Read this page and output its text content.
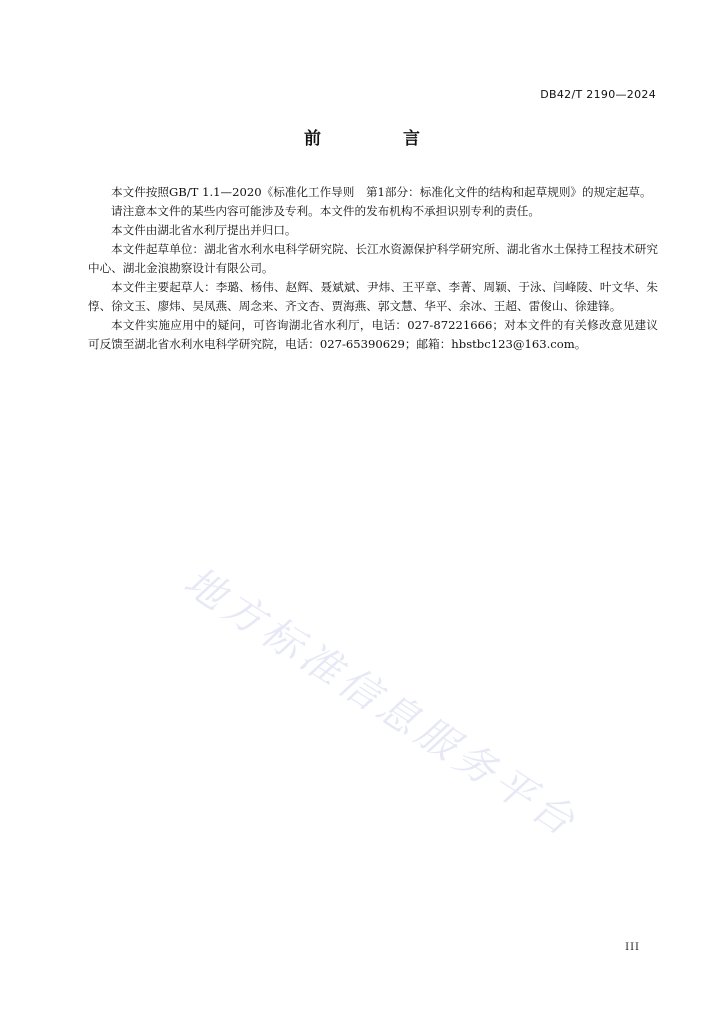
DB42/T 2190—2024
前 言

本文件按照GB/T 1.1—2020《标准化工作导则　第1部分：标准化文件的结构和起草规则》的规定起草。

请注意本文件的某些内容可能涉及专利。本文件的发布机构不承担识别专利的责任。

本文件由湖北省水利厅提出并归口。

本文件起草单位：湖北省水利水电科学研究院、长江水资源保护科学研究所、湖北省水土保持工程技术研究中心、湖北金浪勘察设计有限公司。

本文件主要起草人：李璐、杨伟、赵辉、聂斌斌、尹炜、王平章、李菁、周颖、于泳、闫峰陵、叶文华、朱惇、徐文玉、廖炜、吴凤燕、周念来、齐文杏、贾海燕、郭文慧、华平、余冰、王超、雷俊山、徐建锋。

本文件实施应用中的疑问，可咨询湖北省水利厅，电话：027-87221666；对本文件的有关修改意见建议可反馈至湖北省水利水电科学研究院，电话：027-65390629；邮箱：hbstbc123@163.com。

地方标准信息服务平台
III
